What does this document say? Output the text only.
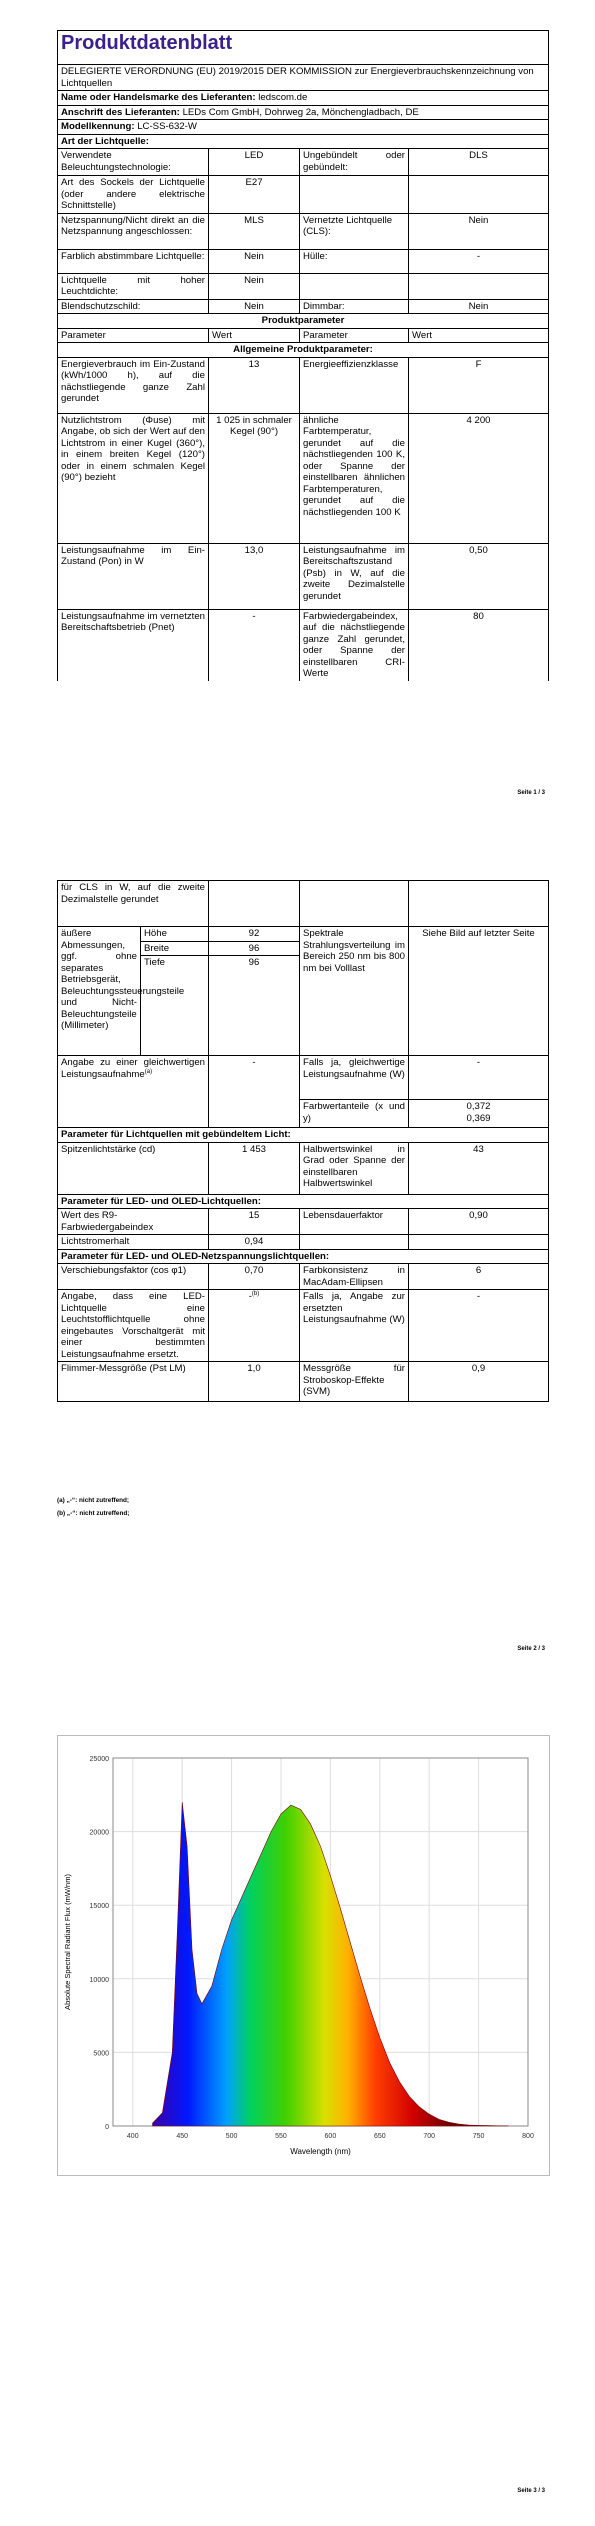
Produktdatenblatt			
DELEGIERTE VERORDNUNG (EU) 2019/2015 DER KOMMISSION zur Energieverbrauchskennzeichnung von Lichtquellen			
Name oder Handelsmarke des Lieferanten: ledscom.de			
Anschrift des Lieferanten: LEDs Com GmbH, Dohrweg 2a, Mönchengladbach, DE			
Modellkennung: LC-SS-632-W			
Art der Lichtquelle:			
Verwendete Beleuchtungstechnologie:	LED	Ungebündelt oder gebündelt:	DLS
Art des Sockels der Lichtquelle (oder andere elektrische Schnittstelle)	E27		
Netzspannung/Nicht direkt an die Netzspannung angeschlossen:	MLS	Vernetzte Lichtquelle (CLS):	Nein
Farblich abstimmbare Lichtquelle:	Nein	Hülle:	-
Lichtquelle mit hoher Leuchtdichte:	Nein		
Blendschutzschild:	Nein	Dimmbar:	Nein
Produktparameter			
Parameter	Wert	Parameter	Wert
Allgemeine Produktparameter:			
Energieverbrauch im Ein-Zustand (kWh/1000 h), auf die nächstliegende ganze Zahl gerundet	13	Energieeffizienzklasse	F
Nutzlichtstrom (Φuse) mit Angabe, ob sich der Wert auf den Lichtstrom in einer Kugel (360°), in einem breiten Kegel (120°) oder in einem schmalen Kegel (90°) bezieht	1 025 in schmaler Kegel (90°)	ähnliche Farbtemperatur, gerundet auf die nächstliegenden 100 K, oder Spanne der einstellbaren ähnlichen Farbtemperaturen, gerundet auf die nächstliegenden 100 K	4 200
Leistungsaufnahme im Ein-Zustand (Pon) in W	13,0	Leistungsaufnahme im Bereitschaftszustand (Psb) in W, auf die zweite Dezimalstelle gerundet	0,50
Leistungsaufnahme im vernetzten Bereitschaftsbetrieb (Pnet)	-	Farbwiedergabeindex, auf die nächstliegende ganze Zahl gerundet, oder Spanne der einstellbaren CRI-Werte	80
Seite 1 / 3
für CLS in W, auf die zweite Dezimalstelle gerundet			
äußere Abmessungen, ggf. ohne separates Betriebsgerät, Beleuchtungssteuerungsteile und Nicht-Beleuchtungsteile (Millimeter)	Höhe	92	Spektrale Strahlungsverteilung im Bereich 250 nm bis 800 nm bei Volllast	Siehe Bild auf letzter Seite
	Breite	96		
	Tiefe	96		
Angabe zu einer gleichwertigen Leistungsaufnahme$^{(a)}$		-	Falls ja, gleichwertige Leistungsaufnahme (W)	-
			Farbwertanteile (x und y)	0,372
0,369

Parameter für Lichtquellen mit gebündeltem Licht:				
Spitzenlichtstärke (cd)		1 453	Halbwertswinkel in Grad oder Spanne der einstellbaren Halbwertswinkel	43
Parameter für LED- und OLED-Lichtquellen:				
Wert des R9-Farbwiedergabeindex		15	Lebensdauerfaktor	0,90
Lichtstromerhalt		0,94		
Parameter für LED- und OLED-Netzspannungslichtquellen:				
Verschiebungsfaktor (cos φ1)		0,70	Farbkonsistenz in MacAdam-Ellipsen	6
Angabe, dass eine LED-Lichtquelle eine Leuchtstofflichtquelle ohne eingebautes Vorschaltgerät mit einer bestimmten Leistungsaufnahme ersetzt.		-$^{(b)}$	Falls ja, Angabe zur ersetzten Leistungsaufnahme (W)	-
Flimmer-Messgröße (Pst LM)		1,0	Messgröße für Stroboskop-Effekte (SVM)	0,9
(a) „-“: nicht zutreffend;
(b) „-“: nicht zutreffend;
Seite 2 / 3
400	450	500	550	600	650	700	750	800
0
5000
10000
15000
20000
25000
Wavelength (nm)
Absolute Spectral Radiant Flux (mW/nm)
Seite 3 / 3
